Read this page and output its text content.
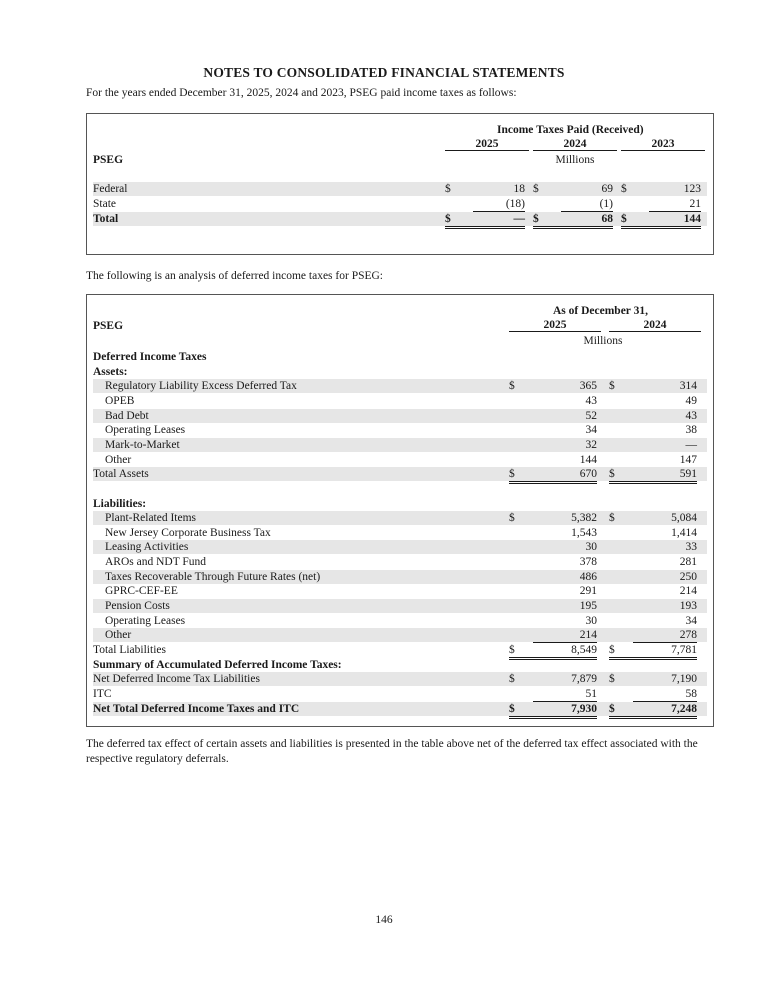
NOTES TO CONSOLIDATED FINANCIAL STATEMENTS
For the years ended December 31, 2025, 2024 and 2023, PSEG paid income taxes as follows:
Income Taxes Paid (Received)
2025	2024	2023
PSEG	Millions
Federal	$	18 $	69 $	123
State	(18)	(1)	21
Total	$	— $	68 $	144
The following is an analysis of deferred income taxes for PSEG:
As of December 31,
PSEG	2025	2024
Millions
Deferred Income Taxes
Assets:
Regulatory Liability Excess Deferred Tax	$	365 $	314
OPEB	43	49
Bad Debt	52	43
Operating Leases	34	38
Mark-to-Market	32	—
Other	144	147
Total Assets	$	670 $	591
Liabilities:
Plant-Related Items	$	5,382 $	5,084
New Jersey Corporate Business Tax	1,543	1,414
Leasing Activities	30	33
AROs and NDT Fund	378	281
Taxes Recoverable Through Future Rates (net)	486	250
GPRC-CEF-EE	291	214
Pension Costs	195	193
Operating Leases	30	34
Other	214	278
Total Liabilities	$	8,549 $	7,781
Summary of Accumulated Deferred Income Taxes:
Net Deferred Income Tax Liabilities	$	7,879 $	7,190
ITC	51	58
Net Total Deferred Income Taxes and ITC	$	7,930 $	7,248
The deferred tax effect of certain assets and liabilities is presented in the table above net of the deferred tax effect associated with the respective regulatory deferrals.
146
